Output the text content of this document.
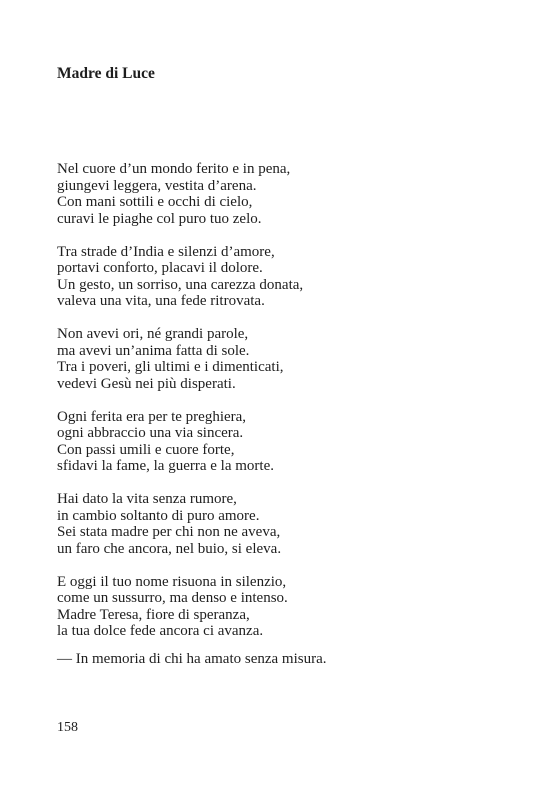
Madre di Luce
Nel cuore d’un mondo ferito e in pena,
giungevi leggera, vestita d’arena.
Con mani sottili e occhi di cielo,
curavi le piaghe col puro tuo zelo.
Tra strade d’India e silenzi d’amore,
portavi conforto, placavi il dolore.
Un gesto, un sorriso, una carezza donata,
valeva una vita, una fede ritrovata.
Non avevi ori, né grandi parole,
ma avevi un’anima fatta di sole.
Tra i poveri, gli ultimi e i dimenticati,
vedevi Gesù nei più disperati.
Ogni ferita era per te preghiera,
ogni abbraccio una via sincera.
Con passi umili e cuore forte,
sfidavi la fame, la guerra e la morte.
Hai dato la vita senza rumore,
in cambio soltanto di puro amore.
Sei stata madre per chi non ne aveva,
un faro che ancora, nel buio, si eleva.
E oggi il tuo nome risuona in silenzio,
come un sussurro, ma denso e intenso.
Madre Teresa, fiore di speranza,
la tua dolce fede ancora ci avanza.
— In memoria di chi ha amato senza misura.
158
